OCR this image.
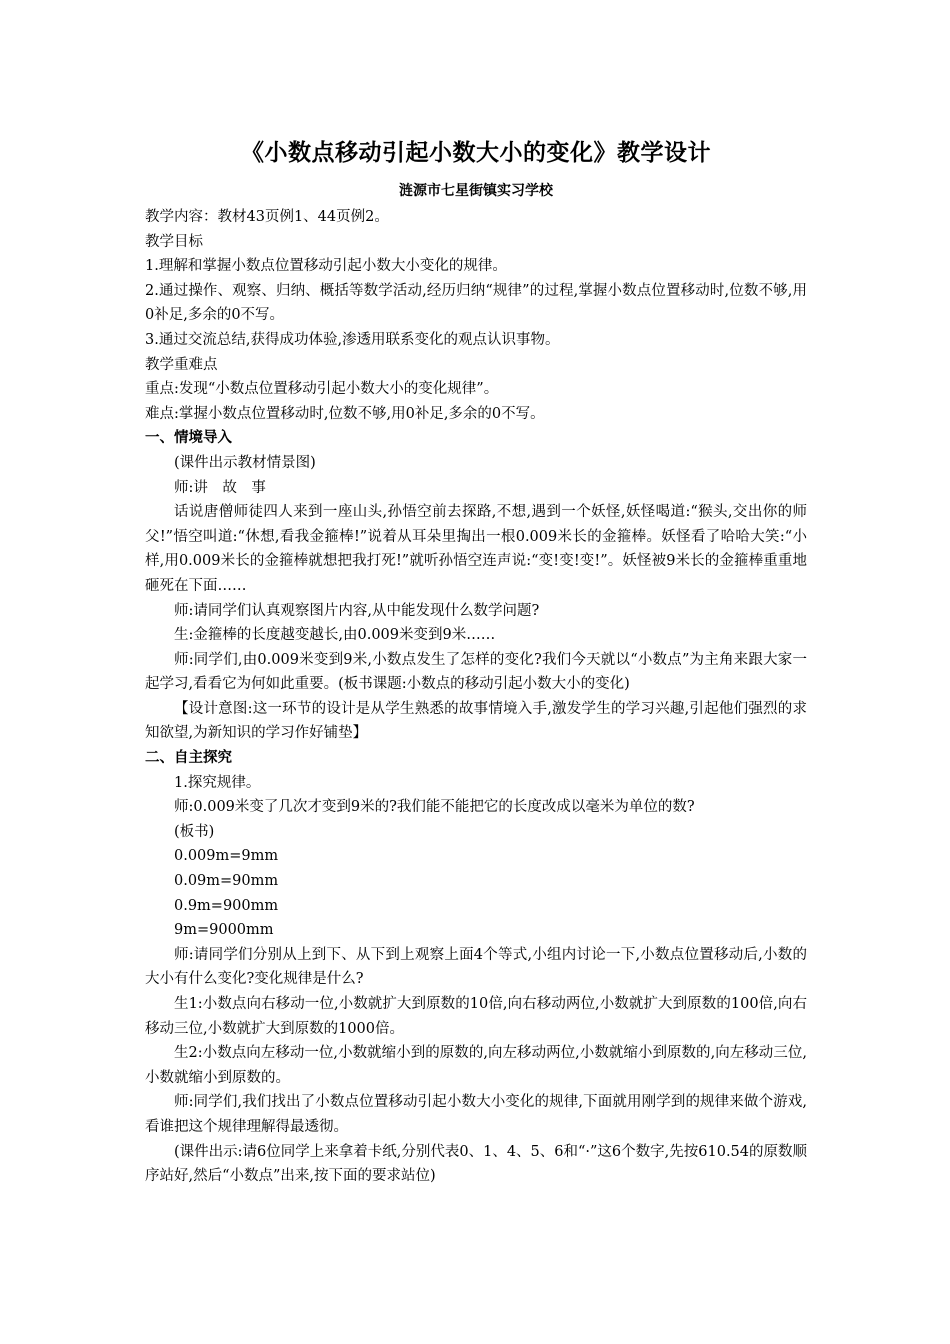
《小数点移动引起小数大小的变化》教学设计
涟源市七星街镇实习学校

教学内容：教材43页例1、44页例2。

教学目标

1.理解和掌握小数点位置移动引起小数大小变化的规律。

2.通过操作、观察、归纳、概括等数学活动,经历归纳“规律”的过程,掌握小数点位置移动时,位数不够,用0补足,多余的0不写。

3.通过交流总结,获得成功体验,渗透用联系变化的观点认识事物。

教学重难点

重点:发现“小数点位置移动引起小数大小的变化规律”。

难点:掌握小数点位置移动时,位数不够,用0补足,多余的0不写。

一、情境导入

(课件出示教材情景图)

师:讲　故　事

话说唐僧师徒四人来到一座山头,孙悟空前去探路,不想,遇到一个妖怪,妖怪喝道:“猴头,交出你的师父!”悟空叫道:“休想,看我金箍棒!”说着从耳朵里掏出一根0.009米长的金箍棒。妖怪看了哈哈大笑:“小样,用0.009米长的金箍棒就想把我打死!”就听孙悟空连声说:“变!变!变!”。妖怪被9米长的金箍棒重重地砸死在下面……

师:请同学们认真观察图片内容,从中能发现什么数学问题?

生:金箍棒的长度越变越长,由0.009米变到9米……

师:同学们,由0.009米变到9米,小数点发生了怎样的变化?我们今天就以“小数点”为主角来跟大家一起学习,看看它为何如此重要。(板书课题:小数点的移动引起小数大小的变化)

【设计意图:这一环节的设计是从学生熟悉的故事情境入手,激发学生的学习兴趣,引起他们强烈的求知欲望,为新知识的学习作好铺垫】

二、自主探究

1.探究规律。

师:0.009米变了几次才变到9米的?我们能不能把它的长度改成以毫米为单位的数?

(板书)

0.009m=9mm

0.09m=90mm

0.9m=900mm

9m=9000mm

师:请同学们分别从上到下、从下到上观察上面4个等式,小组内讨论一下,小数点位置移动后,小数的大小有什么变化?变化规律是什么?

生1:小数点向右移动一位,小数就扩大到原数的10倍,向右移动两位,小数就扩大到原数的100倍,向右移动三位,小数就扩大到原数的1000倍。

生2:小数点向左移动一位,小数就缩小到的原数的,向左移动两位,小数就缩小到原数的,向左移动三位,小数就缩小到原数的。

师:同学们,我们找出了小数点位置移动引起小数大小变化的规律,下面就用刚学到的规律来做个游戏,看谁把这个规律理解得最透彻。

(课件出示:请6位同学上来拿着卡纸,分别代表0、1、4、5、6和“·”这6个数字,先按610.54的原数顺序站好,然后“小数点”出来,按下面的要求站位)
